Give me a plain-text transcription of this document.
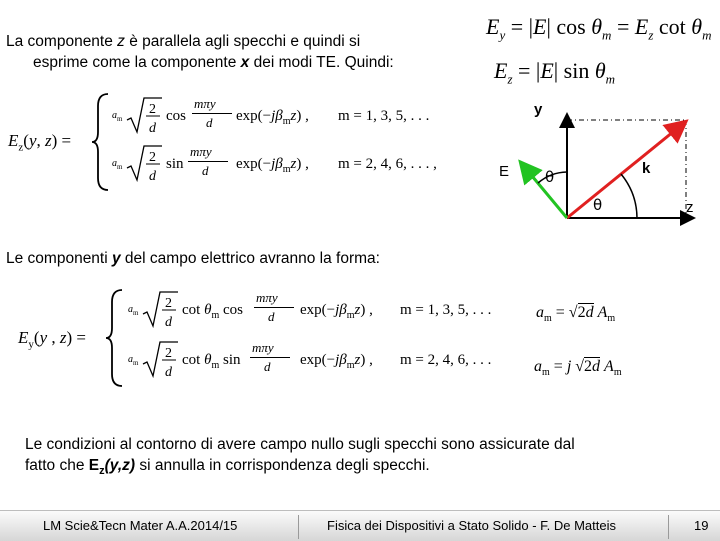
La componente z è parallela agli specchi e quindi si
esprime come la componente x dei modi TE. Quindi:
$E_y = |E|$ $\cos \theta_m = E_z$ $\cot \theta_m$
$E_z = |E|$ $\sin \theta_m$
y
z
E	k
θ
θ
$E_z(y$, z) =
$a_m$
2
d
cos
mπy
d $\exp(-j\beta_mz)$ , m = 1, 3, 5, . . .
$a_m$
2
d
sin
mπy
d $\exp(-j\beta_mz)$ , m = 2, 4, 6, . . . ,
Le componenti y del campo elettrico avranno la forma:
$E_y(y$ , z) =
$a_m$
2
d
$\cot \theta_m$ cos
mπy
d $\exp(-j\beta_mz)$ , m = 1, 3, 5, . . .
$a_m$
2
d
$\cot \theta_m$ sin
mπy
d $\exp(-j\beta_mz)$ , m = 2, 4, 6, . . .
$a_m = √2d$ $A_m$
$a_m = j$ √2d $A_m$
Le condizioni al contorno di avere campo nullo sugli specchi sono assicurate dal
fatto che $E_z(y,z)$ si annulla in corrispondenza degli specchi.
LM Scie&Tecn Mater A.A.2014/15	Fisica dei Dispositivi a Stato Solido - F. De Matteis	19
